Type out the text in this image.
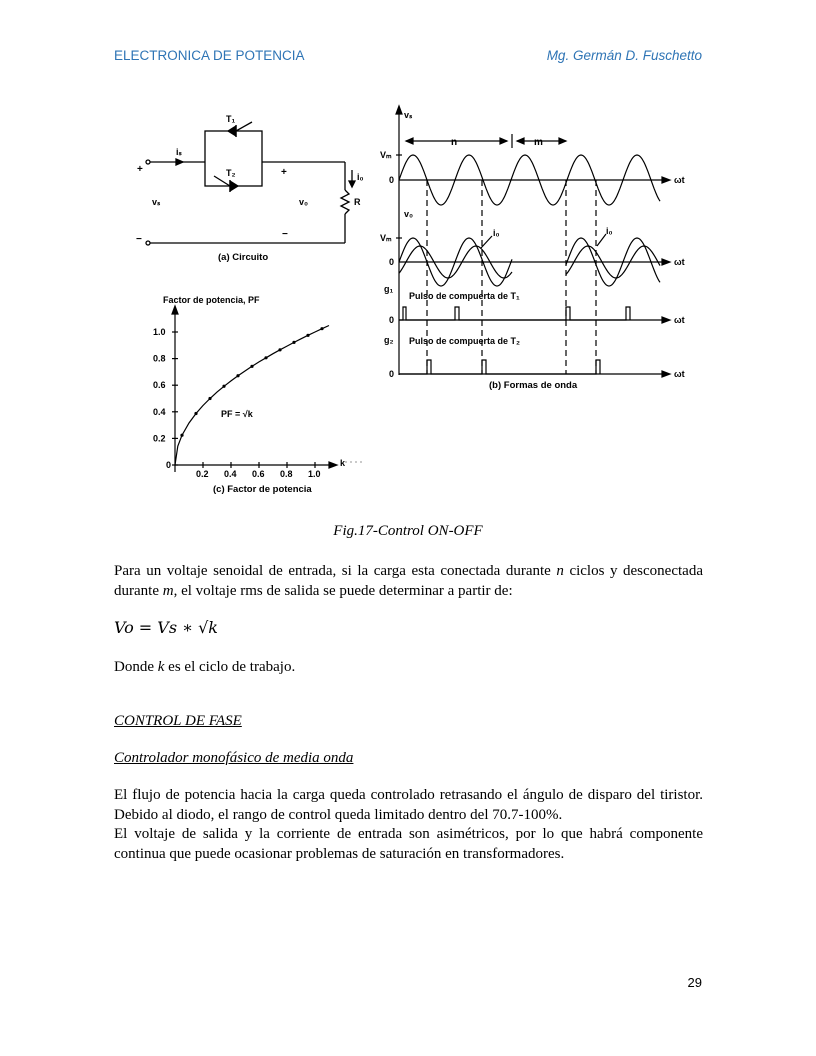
ELECTRONICA DE POTENCIA	Mg. Germán D. Fuschetto
T₁
T₂
iₛ
+
vₛ
−
+
v₀
−
i₀
R
(a) Circuito
vₛ
n	m
Vₘ
0	ωt
v₀
Vₘ	i₀	i₀
0	ωt
g₁
Pulso de compuerta de T₁
0	ωt
g₂ Pulso de compuerta de T₂
0	ωt
(b) Formas de onda
0
0.2
0.4
0.6
0.8
1.0
0.2 0.4 0.6 0.8 1.0
Factor de potencia, PF
PF = √k
k
(c) Factor de potencia
Fig.17-Control ON-OFF
Para un voltaje senoidal de entrada, si la carga esta conectada durante n ciclos y desconectada durante m, el voltaje rms de salida se puede determinar a partir de:
Vo = Vs ∗ √k
Donde k es el ciclo de trabajo.
CONTROL DE FASE
Controlador monofásico de media onda
El flujo de potencia hacia la carga queda controlado retrasando el ángulo de disparo del tiristor. Debido al diodo, el rango de control queda limitado dentro del 70.7-100%.
El voltaje de salida y la corriente de entrada son asimétricos, por lo que habrá componente continua que puede ocasionar problemas de saturación en transformadores.
29
